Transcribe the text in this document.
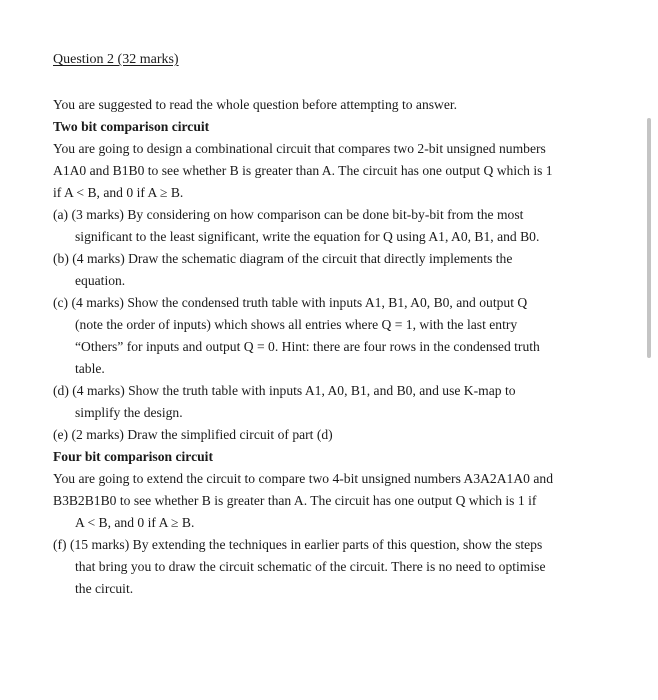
Question 2 (32 marks)
You are suggested to read the whole question before attempting to answer.
Two bit comparison circuit
You are going to design a combinational circuit that compares two 2-bit unsigned numbers
A1A0 and B1B0 to see whether B is greater than A. The circuit has one output Q which is 1
if A < B, and 0 if A ≥ B.
(a) (3 marks) By considering on how comparison can be done bit-by-bit from the most
significant to the least significant, write the equation for Q using A1, A0, B1, and B0.
(b) (4 marks) Draw the schematic diagram of the circuit that directly implements the
equation.
(c) (4 marks) Show the condensed truth table with inputs A1, B1, A0, B0, and output Q
(note the order of inputs) which shows all entries where Q = 1, with the last entry
“Others” for inputs and output Q = 0. Hint: there are four rows in the condensed truth
table.
(d) (4 marks) Show the truth table with inputs A1, A0, B1, and B0, and use K-map to
simplify the design.
(e) (2 marks) Draw the simplified circuit of part (d)
Four bit comparison circuit
You are going to extend the circuit to compare two 4-bit unsigned numbers A3A2A1A0 and
B3B2B1B0 to see whether B is greater than A. The circuit has one output Q which is 1 if
A < B, and 0 if A ≥ B.
(f) (15 marks) By extending the techniques in earlier parts of this question, show the steps
that bring you to draw the circuit schematic of the circuit. There is no need to optimise
the circuit.
